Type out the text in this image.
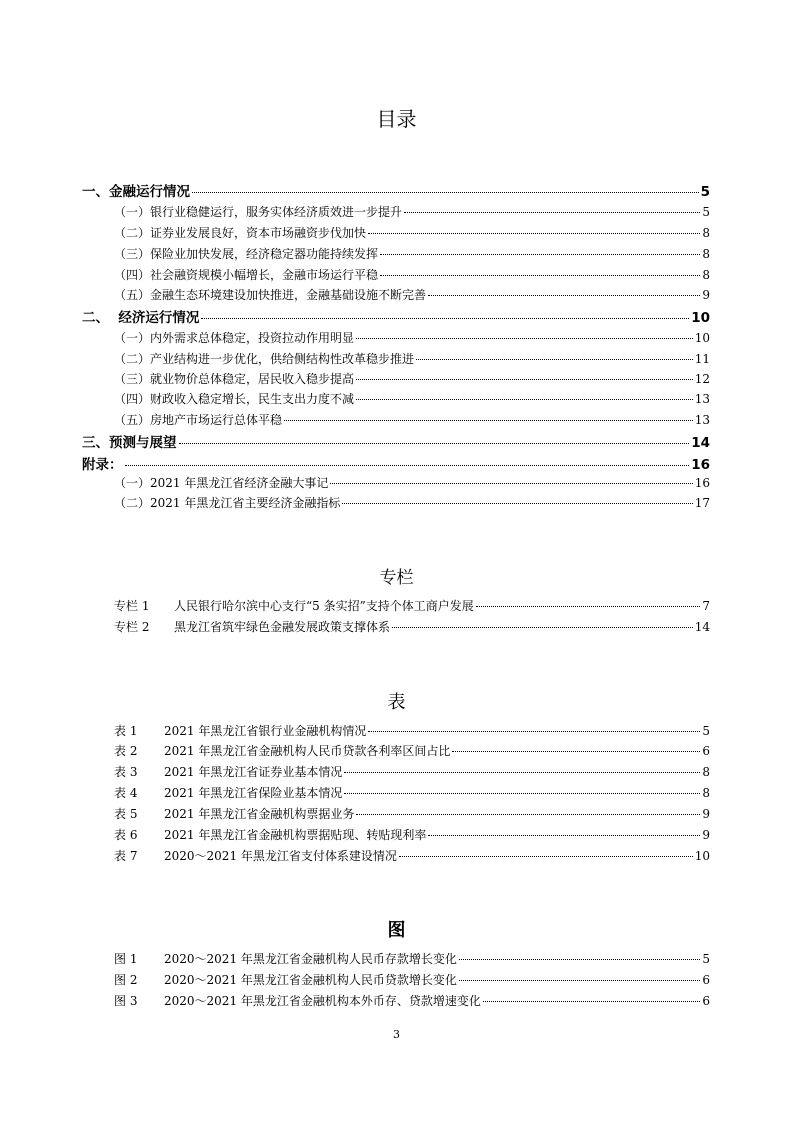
目录
一、金融运行情况	5
（一）银行业稳健运行，服务实体经济质效进一步提升	5
（二）证券业发展良好，资本市场融资步伐加快	8
（三）保险业加快发展，经济稳定器功能持续发挥	8
（四）社会融资规模小幅增长，金融市场运行平稳	8
（五）金融生态环境建设加快推进，金融基础设施不断完善	9
二、  经济运行情况	10
（一）内外需求总体稳定，投资拉动作用明显	10
（二）产业结构进一步优化，供给侧结构性改革稳步推进	11
（三）就业物价总体稳定，居民收入稳步提高	12
（四）财政收入稳定增长，民生支出力度不减	13
（五）房地产市场运行总体平稳	13
三、预测与展望	14
附录：	16
（一）2021 年黑龙江省经济金融大事记	16
（二）2021 年黑龙江省主要经济金融指标	17
专栏
专栏 1 人民银行哈尔滨中心支行“5 条实招”支持个体工商户发展	7
专栏 2 黑龙江省筑牢绿色金融发展政策支撑体系	14
表
表 1 2021 年黑龙江省银行业金融机构情况	5
表 2 2021 年黑龙江省金融机构人民币贷款各利率区间占比	6
表 3 2021 年黑龙江省证券业基本情况	8
表 4 2021 年黑龙江省保险业基本情况	8
表 5 2021 年黑龙江省金融机构票据业务	9
表 6 2021 年黑龙江省金融机构票据贴现、转贴现利率	9
表 7 2020～2021 年黑龙江省支付体系建设情况	10
图
图 1 2020～2021 年黑龙江省金融机构人民币存款增长变化	5
图 2 2020～2021 年黑龙江省金融机构人民币贷款增长变化	6
图 3 2020～2021 年黑龙江省金融机构本外币存、贷款增速变化	6
3
